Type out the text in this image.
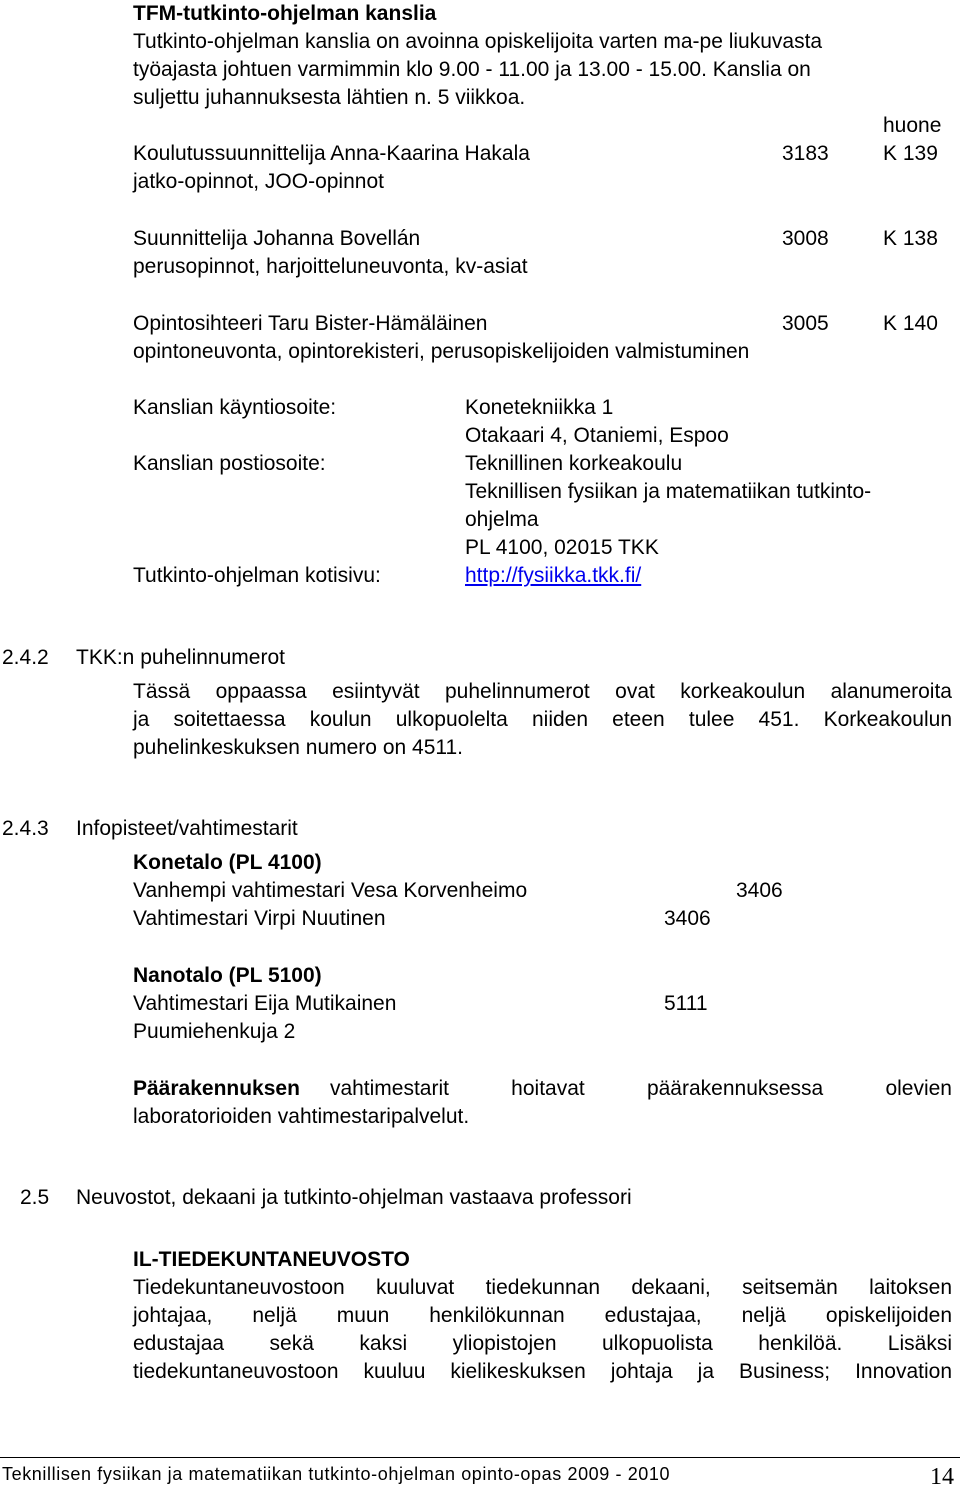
TFM-tutkinto-ohjelman kanslia
Tutkinto-ohjelman kanslia on avoinna opiskelijoita varten ma-pe liukuvasta
työajasta johtuen varmimmin klo 9.00 - 11.00 ja 13.00 - 15.00. Kanslia on
suljettu juhannuksesta lähtien n. 5 viikkoa.
huone
Koulutussuunnittelija Anna-Kaarina Hakala	3183	K 139
jatko-opinnot, JOO-opinnot
Suunnittelija Johanna Bovellán	3008	K 138
perusopinnot, harjoitteluneuvonta, kv-asiat
Opintosihteeri Taru Bister-Hämäläinen	3005	K 140
opintoneuvonta, opintorekisteri, perusopiskelijoiden valmistuminen
Kanslian käyntiosoite:	Konetekniikka 1
Otakaari 4, Otaniemi, Espoo
Kanslian postiosoite:	Teknillinen korkeakoulu
Teknillisen fysiikan ja matematiikan tutkinto-
ohjelma
PL 4100, 02015 TKK
Tutkinto-ohjelman kotisivu:	http://fysiikka.tkk.fi/
2.4.2 TKK:n puhelinnumerot
Tässä oppaassa esiintyvät puhelinnumerot ovat korkeakoulun alanumeroita
ja soitettaessa koulun ulkopuolelta niiden eteen tulee 451. Korkeakoulun
puhelinkeskuksen numero on 4511.
2.4.3 Infopisteet/vahtimestarit
Konetalo (PL 4100)
Vanhempi vahtimestari Vesa Korvenheimo	3406
Vahtimestari Virpi Nuutinen	3406
Nanotalo (PL 5100)
Vahtimestari Eija Mutikainen	5111
Puumiehenkuja 2
Päärakennuksen vahtimestarit hoitavat päärakennuksessa olevien
laboratorioiden vahtimestaripalvelut.
2.5 Neuvostot, dekaani ja tutkinto-ohjelman vastaava professori
IL-TIEDEKUNTANEUVOSTO
Tiedekuntaneuvostoon kuuluvat tiedekunnan dekaani, seitsemän laitoksen
johtajaa, neljä muun henkilökunnan edustajaa, neljä opiskelijoiden
edustajaa sekä kaksi yliopistojen ulkopuolista henkilöä. Lisäksi
tiedekuntaneuvostoon kuuluu kielikeskuksen johtaja ja Business; Innovation
Teknillisen fysiikan ja matematiikan tutkinto-ohjelman opinto-opas 2009 - 2010	14
